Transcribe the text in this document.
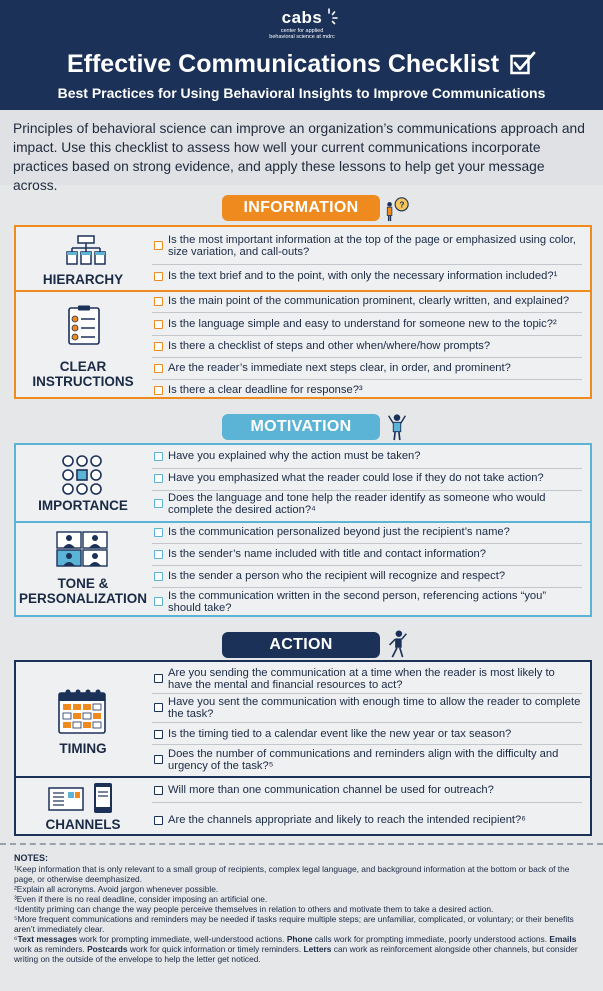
cabs
center for applied
behavioral science at mdrc
Effective Communications Checklist
Best Practices for Using Behavioral Insights to Improve Communications
Principles of behavioral science can improve an organization’s communications approach and impact. Use this checklist to assess how well your current communications incorporate practices based on strong evidence, and apply these lessons to help get your message across.
INFORMATION	?
HIERARCHY
Is the most important information at the top of the page or emphasized using color, size variation, and call-outs?
Is the text brief and to the point, with only the necessary information included?¹
CLEAR
INSTRUCTIONS
Is the main point of the communication prominent, clearly written, and explained?
Is the language simple and easy to understand for someone new to the topic?²
Is there a checklist of steps and other when/where/how prompts?
Are the reader’s immediate next steps clear, in order, and prominent?
Is there a clear deadline for response?³
MOTIVATION
IMPORTANCE
Have you explained why the action must be taken?
Have you emphasized what the reader could lose if they do not take action?
Does the language and tone help the reader identify as someone who would complete the desired action?⁴
TONE &
PERSONALIZATION
Is the communication personalized beyond just the recipient’s name?
Is the sender’s name included with title and contact information?
Is the sender a person who the recipient will recognize and respect?
Is the communication written in the second person, referencing actions “you” should take?
ACTION
TIMING
Are you sending the communication at a time when the reader is most likely to have the mental and financial resources to act?
Have you sent the communication with enough time to allow the reader to complete the task?
Is the timing tied to a calendar event like the new year or tax season?
Does the number of communications and reminders align with the difficulty and urgency of the task?⁵
CHANNELS
Will more than one communication channel be used for outreach?
Are the channels appropriate and likely to reach the intended recipient?⁶
NOTES:

¹Keep information that is only relevant to a small group of recipients, complex legal language, and background information at the bottom or back of the page, or otherwise deemphasized.

²Explain all acronyms. Avoid jargon whenever possible.

³Even if there is no real deadline, consider imposing an artificial one.

⁴Identity priming can change the way people perceive themselves in relation to others and motivate them to take a desired action.

⁵More frequent communications and reminders may be needed if tasks require multiple steps; are unfamiliar, complicated, or voluntary; or their benefits aren’t immediately clear.

⁶Text messages work for prompting immediate, well-understood actions. Phone calls work for prompting immediate, poorly understood actions. Emails work as reminders. Postcards work for quick information or timely reminders. Letters can work as reinforcement alongside other channels, but consider writing on the outside of the envelope to help the letter get noticed.
